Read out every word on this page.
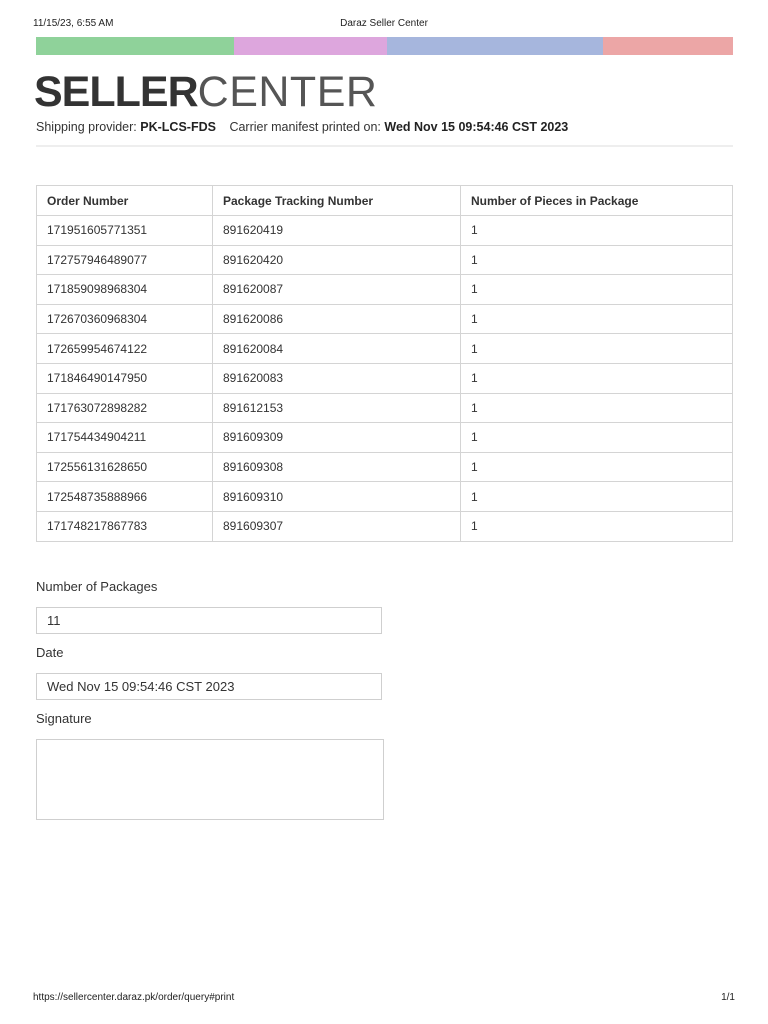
11/15/23, 6:55 AM	Daraz Seller Center
SELLERCENTER
Shipping provider: PK-LCS-FDS Carrier manifest printed on: Wed Nov 15 09:54:46 CST 2023
Order Number	Package Tracking Number	Number of Pieces in Package
171951605771351	891620419	1
172757946489077	891620420	1
171859098968304	891620087	1
172670360968304	891620086	1
172659954674122	891620084	1
171846490147950	891620083	1
171763072898282	891612153	1
171754434904211	891609309	1
172556131628650	891609308	1
172548735888966	891609310	1
171748217867783	891609307	1
Number of Packages
11
Date
Wed Nov 15 09:54:46 CST 2023
Signature
https://sellercenter.daraz.pk/order/query#print	1/1
